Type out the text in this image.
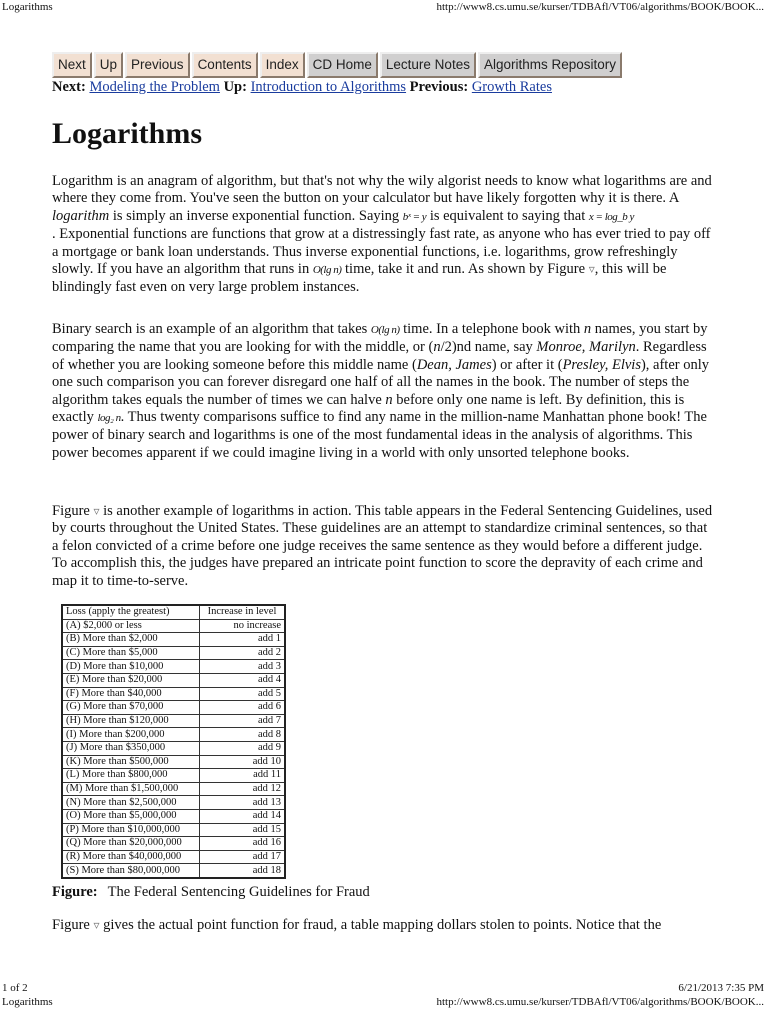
Logarithms	http://www8.cs.umu.se/kurser/TDBAfl/VT06/algorithms/BOOK/BOOK...
Next	Up	Previous	Contents	Index	CD Home	Lecture Notes	Algorithms Repository
Next: Modeling the Problem Up: Introduction to Algorithms Previous: Growth Rates
Logarithms
Logarithm is an anagram of algorithm, but that's not why the wily algorist needs to know what logarithms are and where they come from. You've seen the button on your calculator but have likely forgotten why it is there. A logarithm is simply an inverse exponential function. Saying bˣ = y is equivalent to saying that x = log_b y
. Exponential functions are functions that grow at a distressingly fast rate, as anyone who has ever tried to pay off a mortgage or bank loan understands. Thus inverse exponential functions, i.e. logarithms, grow refreshingly slowly. If you have an algorithm that runs in O(lg n) time, take it and run. As shown by Figure ▿, this will be blindingly fast even on very large problem instances.
Binary search is an example of an algorithm that takes O(lg n) time. In a telephone book with n names, you start by comparing the name that you are looking for with the middle, or (n/2)nd name, say Monroe, Marilyn. Regardless of whether you are looking someone before this middle name (Dean, James) or after it (Presley, Elvis), after only one such comparison you can forever disregard one half of all the names in the book. The number of steps the algorithm takes equals the number of times we can halve n before only one name is left. By definition, this is exactly log₂ n. Thus twenty comparisons suffice to find any name in the million-name Manhattan phone book! The power of binary search and logarithms is one of the most fundamental ideas in the analysis of algorithms. This power becomes apparent if we could imagine living in a world with only unsorted telephone books.
Figure ▿ is another example of logarithms in action. This table appears in the Federal Sentencing Guidelines, used by courts throughout the United States. These guidelines are an attempt to standardize criminal sentences, so that a felon convicted of a crime before one judge receives the same sentence as they would before a different judge. To accomplish this, the judges have prepared an intricate point function to score the depravity of each crime and map it to time-to-serve.
Loss (apply the greatest)	Increase in level
(A) $2,000 or less	no increase
(B) More than $2,000	add 1
(C) More than $5,000	add 2
(D) More than $10,000	add 3
(E) More than $20,000	add 4
(F) More than $40,000	add 5
(G) More than $70,000	add 6
(H) More than $120,000	add 7
(I) More than $200,000	add 8
(J) More than $350,000	add 9
(K) More than $500,000	add 10
(L) More than $800,000	add 11
(M) More than $1,500,000	add 12
(N) More than $2,500,000	add 13
(O) More than $5,000,000	add 14
(P) More than $10,000,000	add 15
(Q) More than $20,000,000	add 16
(R) More than $40,000,000	add 17
(S) More than $80,000,000	add 18
Figure: The Federal Sentencing Guidelines for Fraud
Figure ▿ gives the actual point function for fraud, a table mapping dollars stolen to points. Notice that the
1 of 2	6/21/2013 7:35 PM
Logarithms	http://www8.cs.umu.se/kurser/TDBAfl/VT06/algorithms/BOOK/BOOK...
